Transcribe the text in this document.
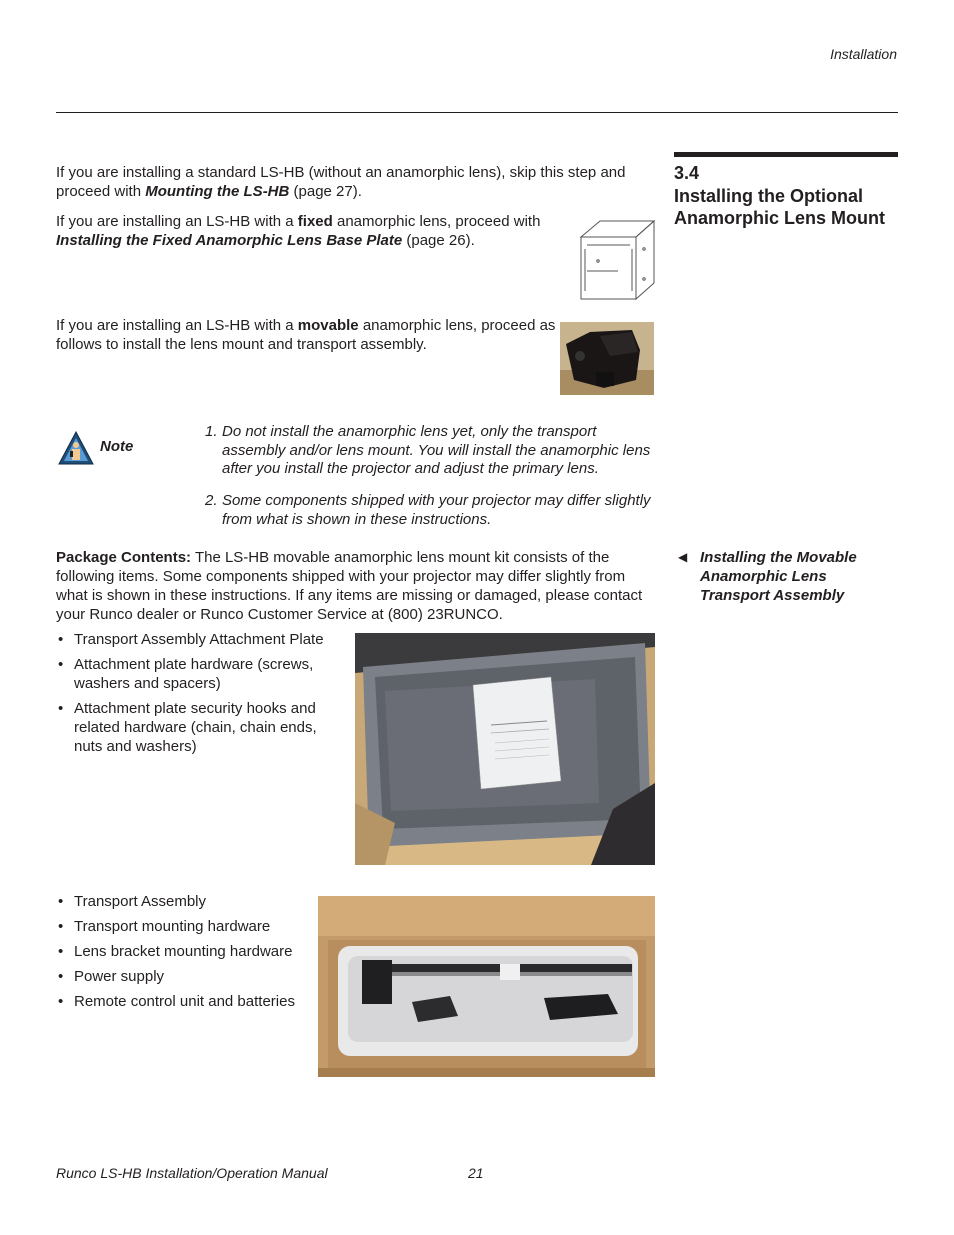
Installation
3.4
Installing the Optional Anamorphic Lens Mount
If you are installing a standard LS-HB (without an anamorphic lens), skip this step and proceed with Mounting the LS-HB (page 27).
If you are installing an LS-HB with a fixed anamorphic lens, proceed with
Installing the Fixed Anamorphic Lens Base Plate (page 26).
If you are installing an LS-HB with a movable anamorphic lens, proceed as follows to install the lens mount and transport assembly.
Note
1. Do not install the anamorphic lens yet, only the transport assembly and/or lens mount. You will install the anamorphic lens after you install the projector and adjust the primary lens.
2. Some components shipped with your projector may differ slightly from what is shown in these instructions.
◀ Installing the Movable Anamorphic Lens Transport Assembly
Package Contents: The LS-HB movable anamorphic lens mount kit consists of the following items. Some components shipped with your projector may differ slightly from what is shown in these instructions. If any items are missing or damaged, please contact your Runco dealer or Runco Customer Service at (800) 23RUNCO.
• Transport Assembly Attachment Plate
• Attachment plate hardware (screws, washers and spacers)
• Attachment plate security hooks and related hardware (chain, chain ends, nuts and washers)
• Transport Assembly
• Transport mounting hardware
• Lens bracket mounting hardware
• Power supply
• Remote control unit and batteries
Runco LS-HB Installation/Operation Manual	21
